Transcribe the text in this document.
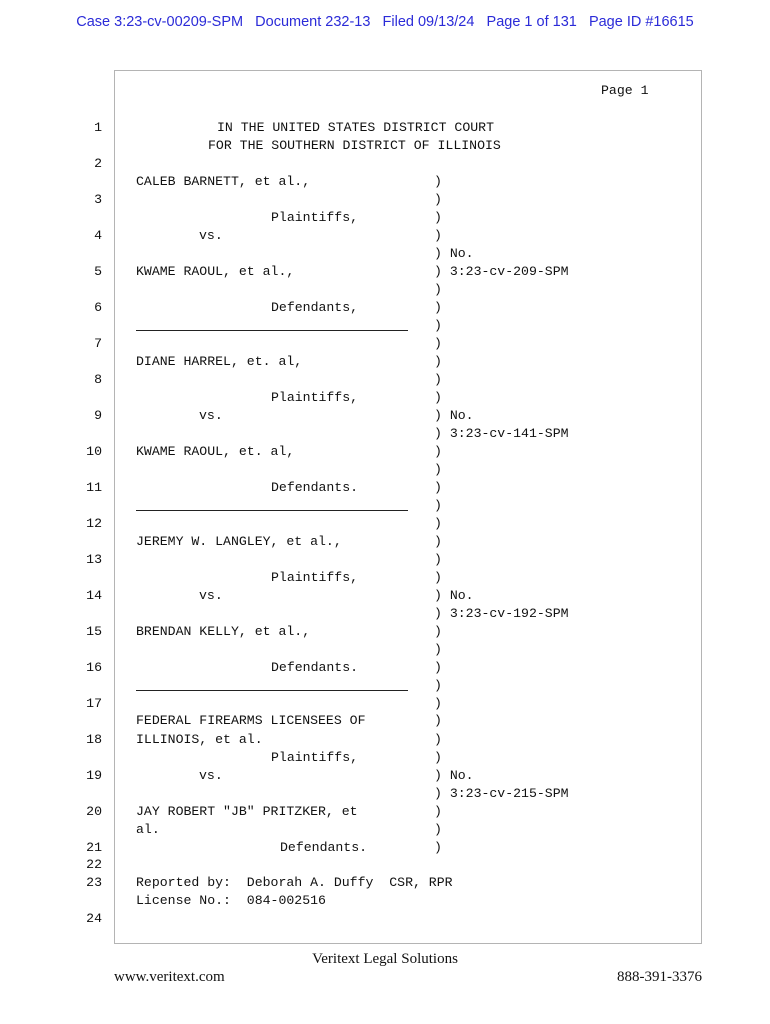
Case 3:23-cv-00209-SPM Document 232-13 Filed 09/13/24 Page 1 of 131 Page ID #16615
Page 1
1
2
3
4
5
6
7
8
9
10
11
12
13
14
15
16
17
18
19
20
21
22
23
24
IN THE UNITED STATES DISTRICT COURT
FOR THE SOUTHERN DISTRICT OF ILLINOIS
CALEB BARNETT, et al.,
Plaintiffs,
vs.
KWAME RAOUL, et al.,
Defendants,
DIANE HARREL, et. al,
Plaintiffs,
vs.
KWAME RAOUL, et. al,
Defendants.
JEREMY W. LANGLEY, et al.,
Plaintiffs,
vs.
BRENDAN KELLY, et al.,
Defendants.
FEDERAL FIREARMS LICENSEES OF
ILLINOIS, et al.
Plaintiffs,
vs.
JAY ROBERT "JB" PRITZKER, et
al.
Defendants.
)
)
)
)
) No.
) 3:23-cv-209-SPM
)
)
)
)
)
)
)
) No.
) 3:23-cv-141-SPM
)
)
)
)
)
)
)
)
) No.
) 3:23-cv-192-SPM
)
)
)
)
)
)
)
)
) No.
) 3:23-cv-215-SPM
)
)
)
Reported by:  Deborah A. Duffy  CSR, RPR
License No.:  084-002516
Veritext Legal Solutions
www.veritext.com	888-391-3376
